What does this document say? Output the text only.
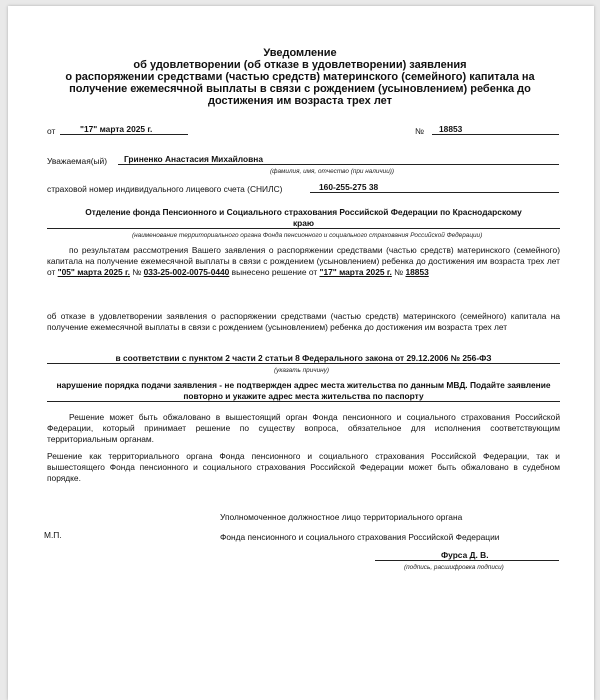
Уведомление
об удовлетворении (об отказе в удовлетворении) заявления
о распоряжении средствами (частью средств) материнского (семейного) капитала на
получение ежемесячной выплаты в связи с рождением (усыновлением) ребенка до
достижения им возраста трех лет
от	"17" марта 2025 г.	№ 18853
Уважаемая(ый) Гриненко Анастасия Михайловна
(фамилия, имя, отчество (при наличии))
страховой номер индивидуального лицевого счета (СНИЛС)	160-255-275 38
Отделение фонда Пенсионного и Социального страхования Российской Федерации по Краснодарскому
краю
(наименование территориального органа Фонда пенсионного и социального страхования Российской Федерации)
по результатам рассмотрения Вашего заявления о распоряжении средствами (частью средств) материнского (семейного) капитала на получение ежемесячной выплаты в связи с рождением (усыновлением) ребенка до достижения им возраста трех лет от "05" марта 2025 г. № 033-25-002-0075-0440 вынесено решение от "17" марта 2025 г. № 18853
об отказе в удовлетворении заявления о распоряжении средствами (частью средств) материнского (семейного) капитала на получение ежемесячной выплаты в связи с рождением (усыновлением) ребенка до достижения им возраста трех лет
в соответствии с пунктом 2 части 2 статьи 8 Федерального закона от 29.12.2006 № 256-ФЗ
(указать причину)
нарушение порядка подачи заявления - не подтвержден адрес места жительства по данным МВД. Подайте заявление повторно и укажите адрес места жительства по паспорту
Решение может быть обжаловано в вышестоящий орган Фонда пенсионного и социального страхования Российской Федерации, который принимает решение по существу вопроса, обязательное для исполнения соответствующим территориальным органам.
Решение как территориального органа Фонда пенсионного и социального страхования Российской Федерации, так и вышестоящего Фонда пенсионного и социального страхования Российской Федерации может быть обжаловано в судебном порядке.
Уполномоченное должностное лицо территориального органа
М.П.	Фонда пенсионного и социального страхования Российской Федерации
Фурса Д. В.
(подпись, расшифровка подписи)
